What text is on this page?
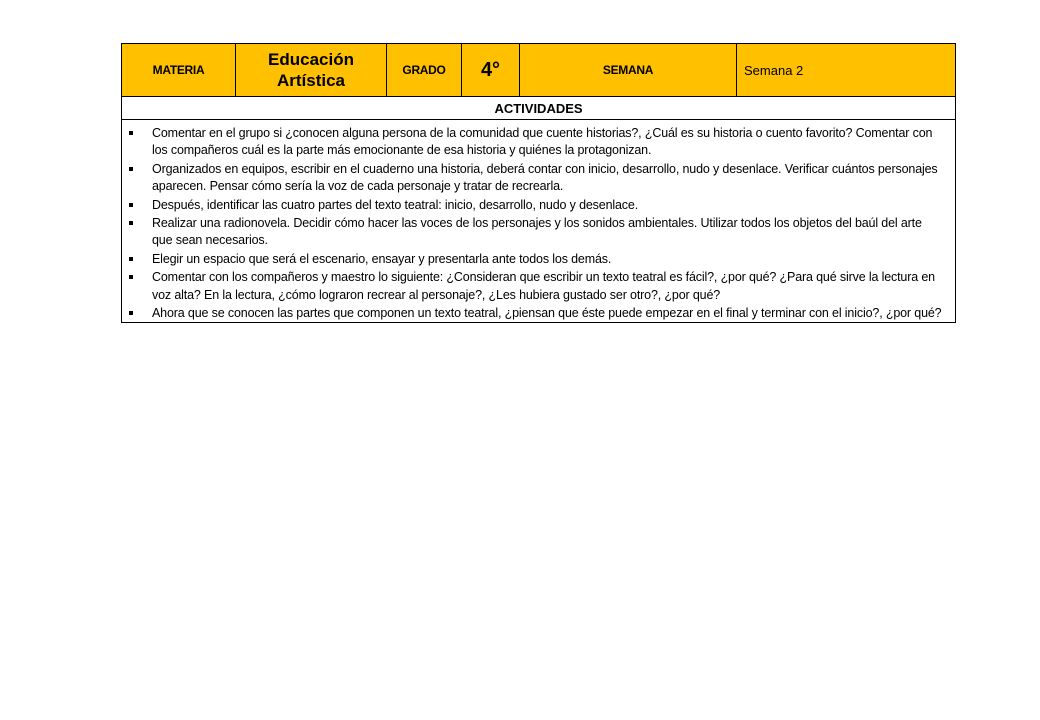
MATERIA
Educación Artística
GRADO 4°	SEMANA	Semana 2
ACTIVIDADES
Comentar en el grupo si ¿conocen alguna persona de la comunidad que cuente historias?, ¿Cuál es su historia o cuento favorito? Comentar con los compañeros cuál es la parte más emocionante de esa historia y quiénes la protagonizan.
Organizados en equipos, escribir en el cuaderno una historia, deberá contar con inicio, desarrollo, nudo y desenlace. Verificar cuántos personajes aparecen. Pensar cómo sería la voz de cada personaje y tratar de recrearla.
Después, identificar las cuatro partes del texto teatral: inicio, desarrollo, nudo y desenlace.
Realizar una radionovela. Decidir cómo hacer las voces de los personajes y los sonidos ambientales. Utilizar todos los objetos del baúl del arte que sean necesarios.
Elegir un espacio que será el escenario, ensayar y presentarla ante todos los demás.
Comentar con los compañeros y maestro lo siguiente: ¿Consideran que escribir un texto teatral es fácil?, ¿por qué? ¿Para qué sirve la lectura en voz alta? En la lectura, ¿cómo lograron recrear al personaje?, ¿Les hubiera gustado ser otro?, ¿por qué?
Ahora que se conocen las partes que componen un texto teatral, ¿piensan que éste puede empezar en el final y terminar con el inicio?, ¿por qué?
